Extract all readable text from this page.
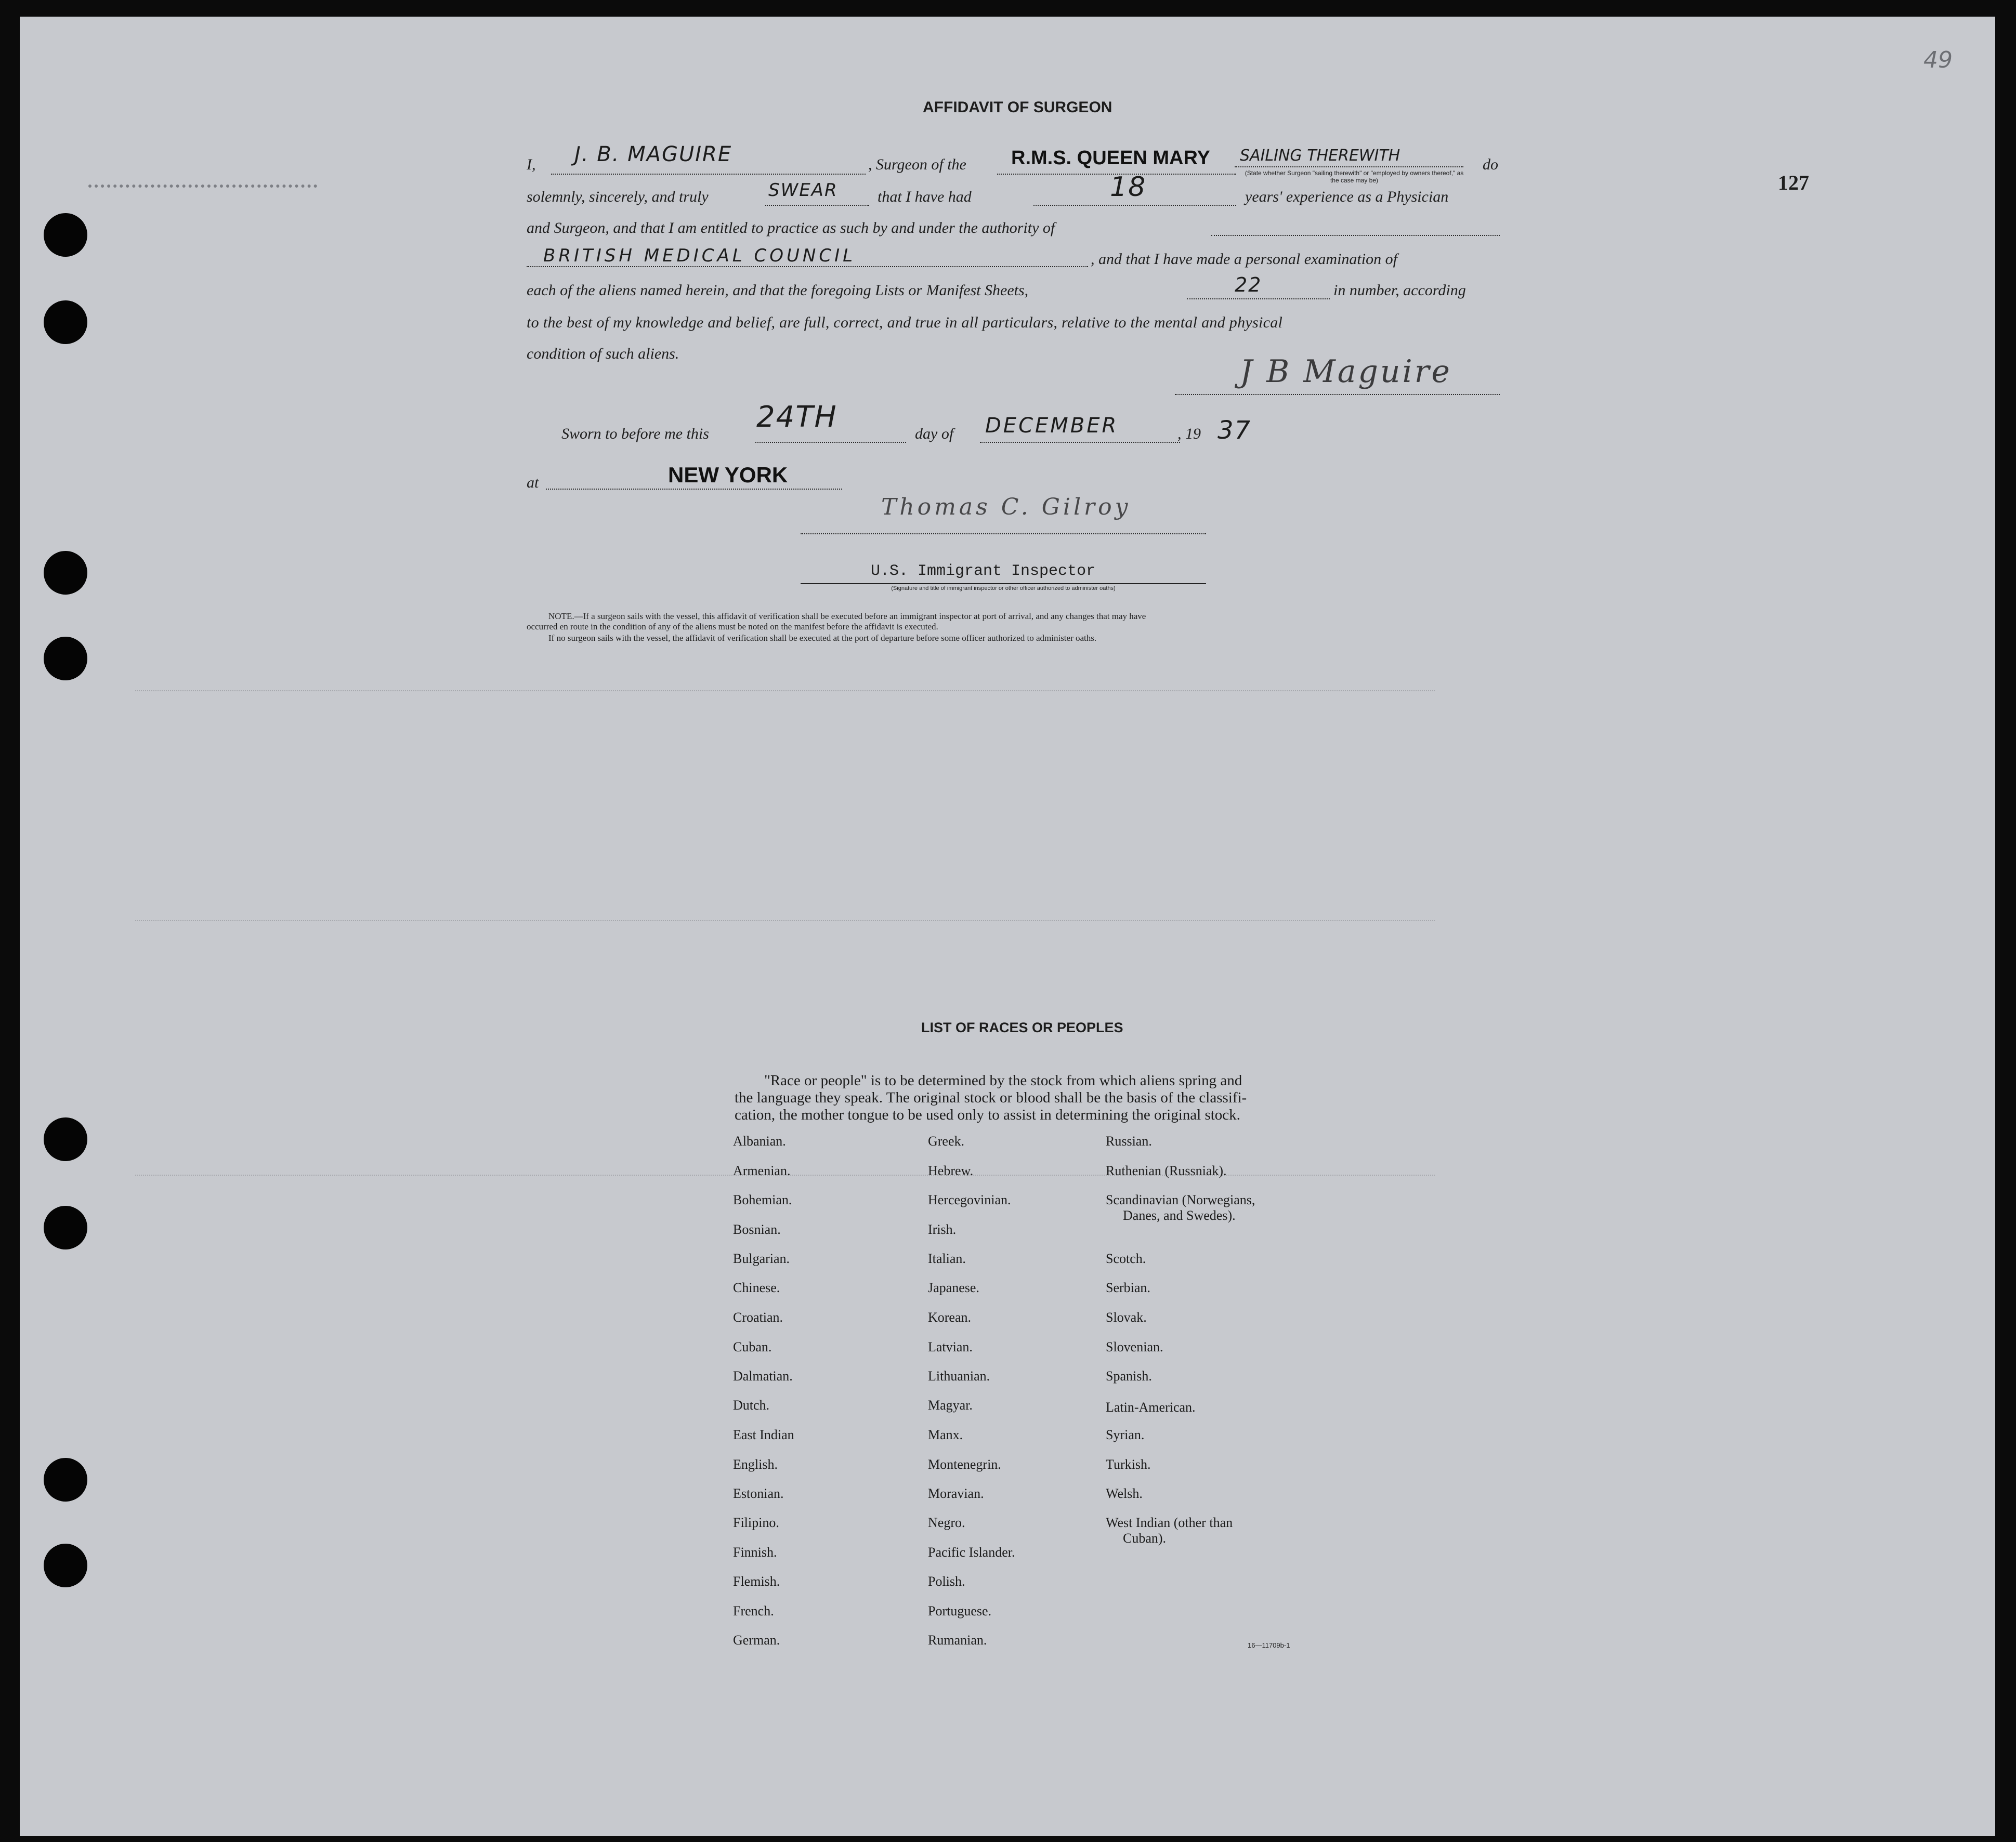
49
127
AFFIDAVIT OF SURGEON
I, J. B. MAGUIRE	, Surgeon of the R.M.S. QUEEN MARY SAILING THEREWITH	do
(State whether Surgeon "sailing therewith" or "employed by owners thereof," as the case may be)
solemnly, sincerely, and truly	SWEAR	that I have had	18	years' experience as a Physician
and Surgeon, and that I am entitled to practice as such by and under the authority of
BRITISH MEDICAL COUNCIL	, and that I have made a personal examination of
each of the aliens named herein, and that the foregoing Lists or Manifest Sheets,	22	in number, according
to the best of my knowledge and belief, are full, correct, and true in all particulars, relative to the mental and physical
condition of such aliens.	J B Maguire
Sworn to before me this 24TH	day of DECEMBER	, 19 37
at	NEW YORK
Thomas C. Gilroy
U.S. Immigrant Inspector
(Signature and title of immigrant inspector or other officer authorized to administer oaths)
NOTE.—If a surgeon sails with the vessel, this affidavit of verification shall be executed before an immigrant inspector at port of arrival, and any changes that may have
occurred en route in the condition of any of the aliens must be noted on the manifest before the affidavit is executed.
If no surgeon sails with the vessel, the affidavit of verification shall be executed at the port of departure before some officer authorized to administer oaths.
LIST OF RACES OR PEOPLES
"Race or people" is to be determined by the stock from which aliens spring and
the language they speak. The original stock or blood shall be the basis of the classifi-
cation, the mother tongue to be used only to assist in determining the original stock.
Albanian.
Armenian.
Bohemian.
Bosnian.
Bulgarian.
Chinese.
Croatian.
Cuban.
Dalmatian.
Dutch.
East Indian
English.
Estonian.
Filipino.
Finnish.
Flemish.
French.
German.
Greek.
Hebrew.
Hercegovinian.
Irish.
Italian.
Japanese.
Korean.
Latvian.
Lithuanian.
Magyar.
Manx.
Montenegrin.
Moravian.
Negro.
Pacific Islander.
Polish.
Portuguese.
Rumanian.
Russian.
Ruthenian (Russniak).
Scandinavian (Norwegians,
Danes, and Swedes).
Scotch.
Serbian.
Slovak.
Slovenian.
Spanish.
Latin-American.
Syrian.
Turkish.
Welsh.
West Indian (other than
Cuban).
16—11709b-1
